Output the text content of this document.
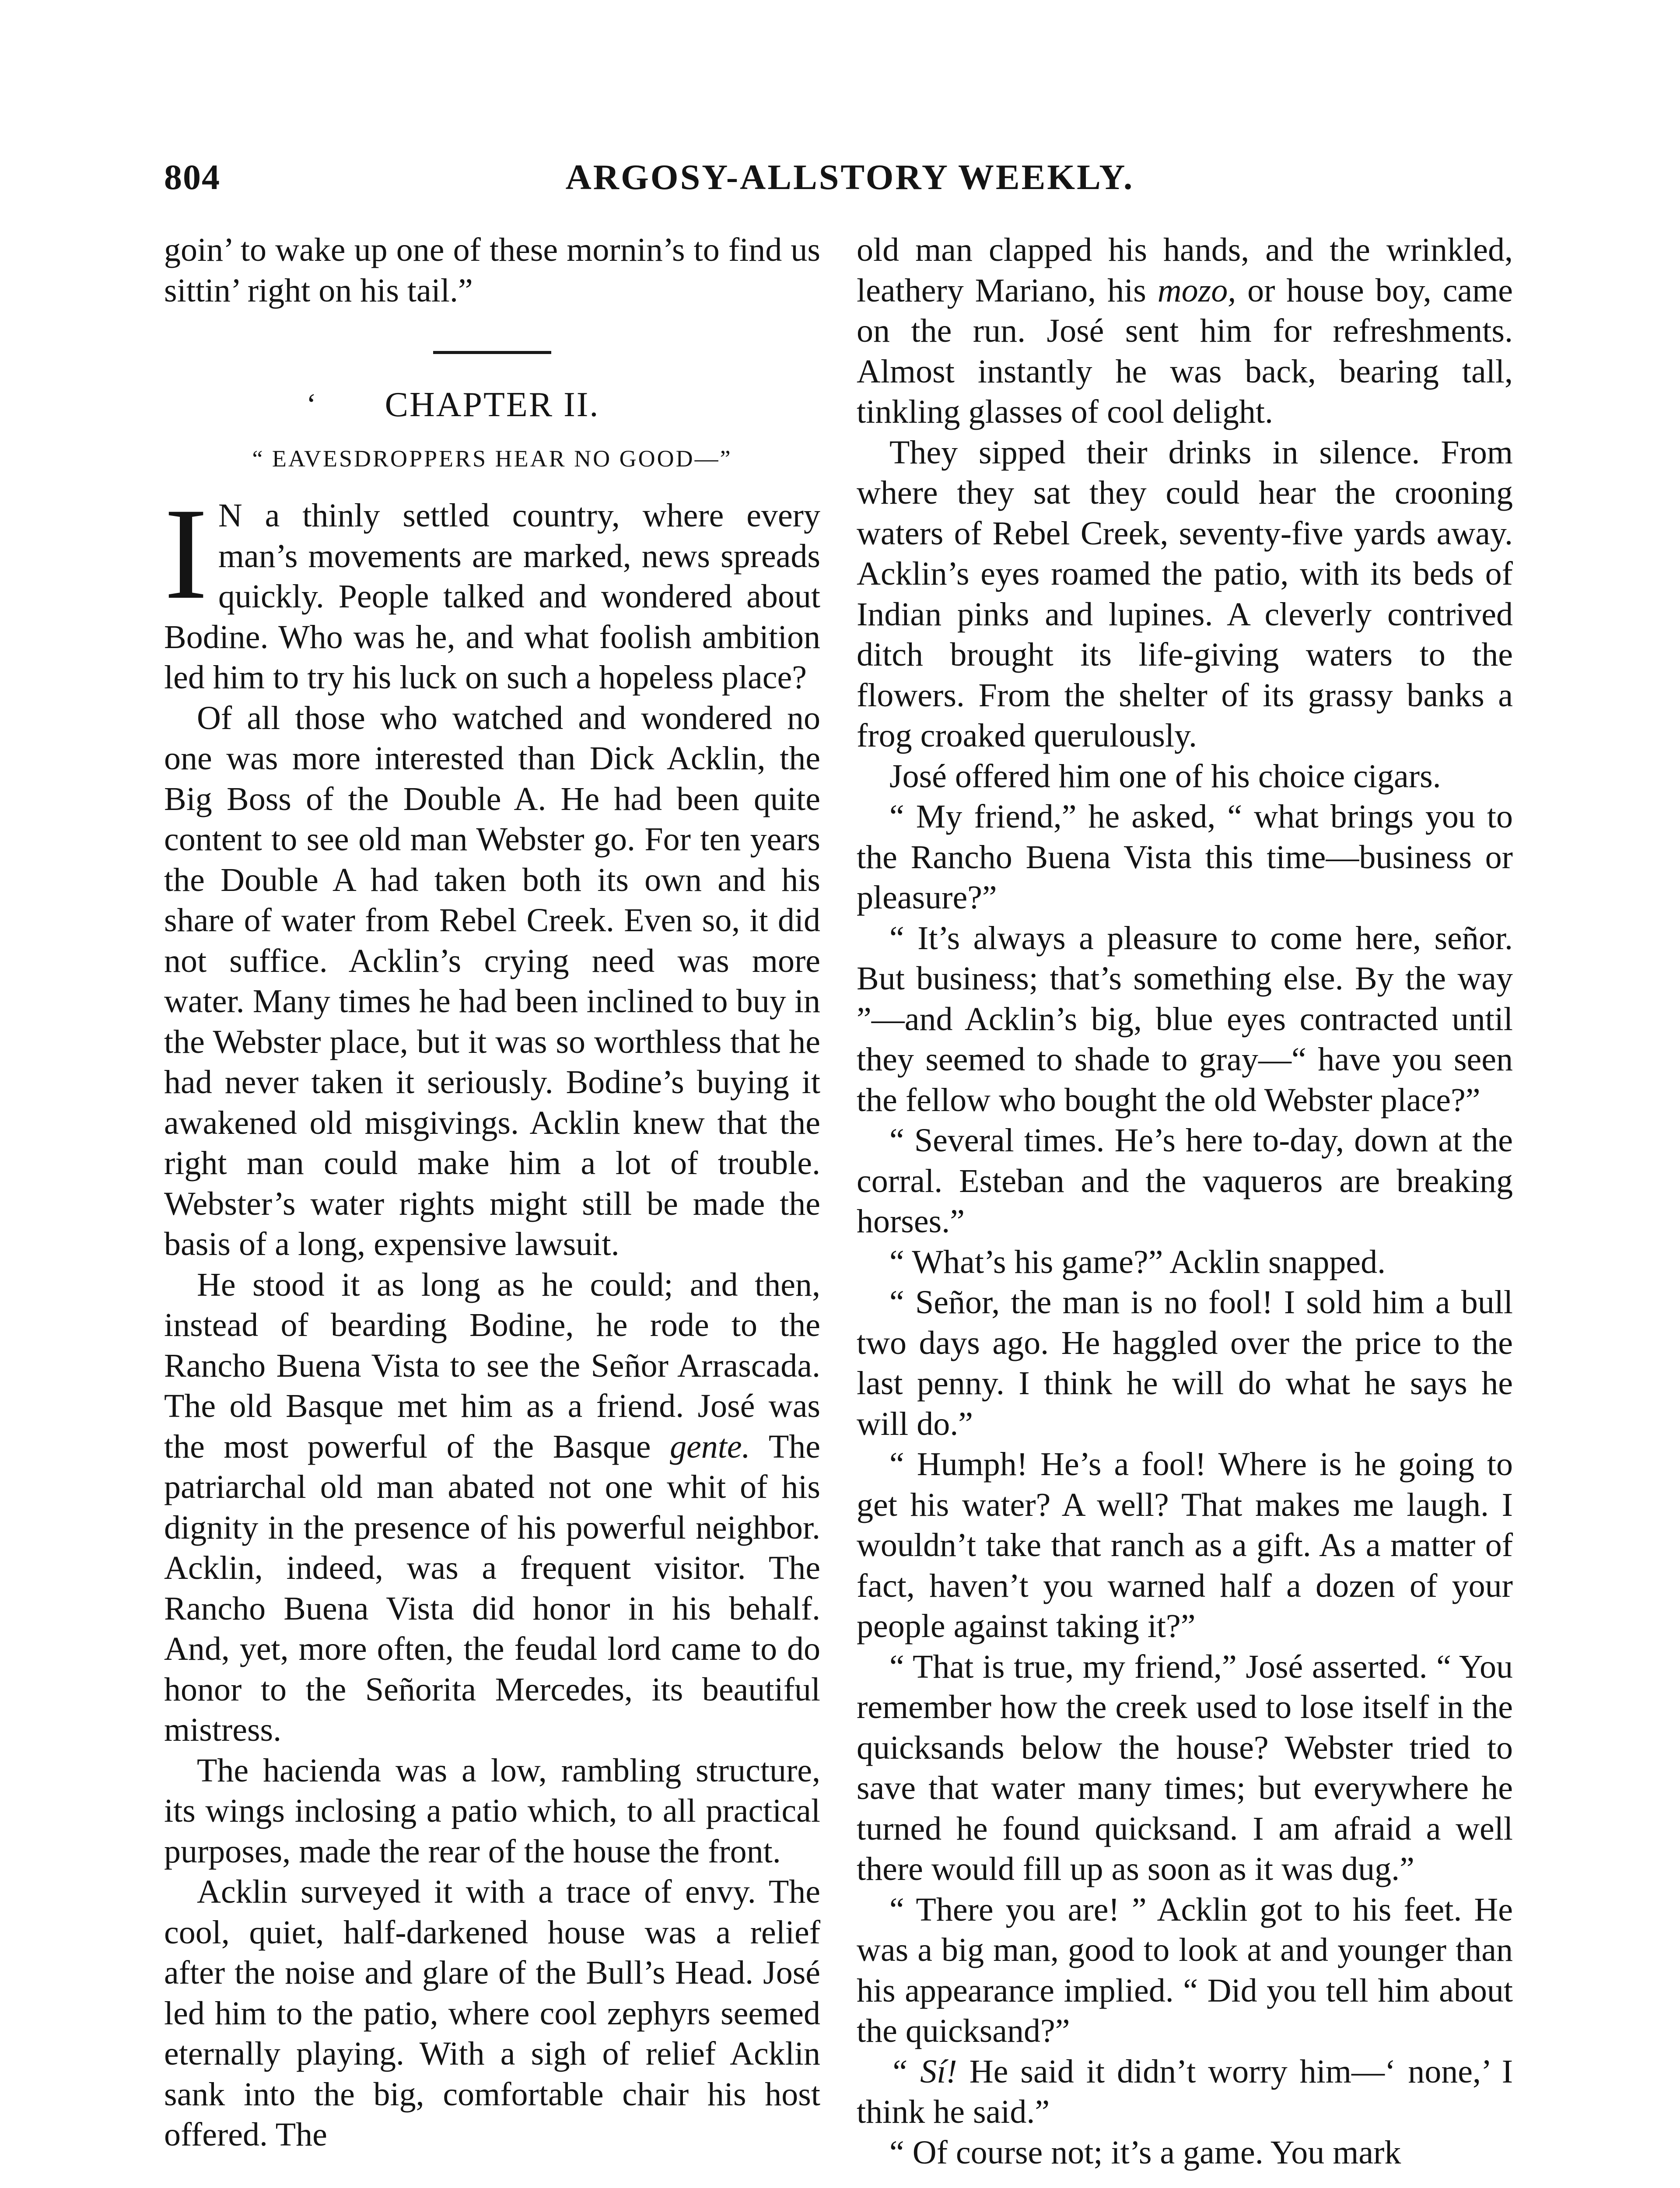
804	ARGOSY-ALLSTORY WEEKLY.

goin’ to wake up one of these mornin’s to find us sittin’ right on his tail.”

‘ CHAPTER II.
“ EAVESDROPPERS HEAR NO GOOD—”

I N a thinly settled country, where every man’s movements are marked, news spreads quickly. People talked and wondered about Bodine. Who was he, and what foolish ambition led him to try his luck on such a hopeless place?

Of all those who watched and wondered no one was more interested than Dick Acklin, the Big Boss of the Double A. He had been quite content to see old man Webster go. For ten years the Double A had taken both its own and his share of water from Rebel Creek. Even so, it did not suffice. Acklin’s crying need was more water. Many times he had been inclined to buy in the Webster place, but it was so worthless that he had never taken it seriously. Bodine’s buying it awakened old misgivings. Acklin knew that the right man could make him a lot of trouble. Webster’s water rights might still be made the basis of a long, expensive lawsuit.

He stood it as long as he could; and then, instead of bearding Bodine, he rode to the Rancho Buena Vista to see the Señor Arrascada. The old Basque met him as a friend. José was the most powerful of the Basque gente. The patriarchal old man abated not one whit of his dignity in the presence of his powerful neighbor. Acklin, indeed, was a frequent visitor. The Rancho Buena Vista did honor in his behalf. And, yet, more often, the feudal lord came to do honor to the Señorita Mercedes, its beautiful mistress.

The hacienda was a low, rambling structure, its wings inclosing a patio which, to all practical purposes, made the rear of the house the front.

Acklin surveyed it with a trace of envy. The cool, quiet, half-darkened house was a relief after the noise and glare of the Bull’s Head. José led him to the patio, where cool zephyrs seemed eternally playing. With a sigh of relief Acklin sank into the big, comfortable chair his host offered. The

old man clapped his hands, and the wrinkled, leathery Mariano, his mozo, or house boy, came on the run. José sent him for refreshments. Almost instantly he was back, bearing tall, tinkling glasses of cool delight.

They sipped their drinks in silence. From where they sat they could hear the crooning waters of Rebel Creek, seventy-five yards away. Acklin’s eyes roamed the patio, with its beds of Indian pinks and lupines. A cleverly contrived ditch brought its life-giving waters to the flowers. From the shelter of its grassy banks a frog croaked querulously.

José offered him one of his choice cigars.

“ My friend,” he asked, “ what brings you to the Rancho Buena Vista this time—business or pleasure?”

“ It’s always a pleasure to come here, señor. But business; that’s something else. By the way ”—and Acklin’s big, blue eyes contracted until they seemed to shade to gray—“ have you seen the fellow who bought the old Webster place?”

“ Several times. He’s here to-day, down at the corral. Esteban and the vaqueros are breaking horses.”

“ What’s his game?” Acklin snapped.

“ Señor, the man is no fool! I sold him a bull two days ago. He haggled over the price to the last penny. I think he will do what he says he will do.”

“ Humph! He’s a fool! Where is he going to get his water? A well? That makes me laugh. I wouldn’t take that ranch as a gift. As a matter of fact, haven’t you warned half a dozen of your people against taking it?”

“ That is true, my friend,” José asserted. “ You remember how the creek used to lose itself in the quicksands below the house? Webster tried to save that water many times; but everywhere he turned he found quicksand. I am afraid a well there would fill up as soon as it was dug.”

“ There you are! ” Acklin got to his feet. He was a big man, good to look at and younger than his appearance implied. “ Did you tell him about the quicksand?”

“ Sí! He said it didn’t worry him—‘ none,’ I think he said.”

“ Of course not; it’s a game. You mark
